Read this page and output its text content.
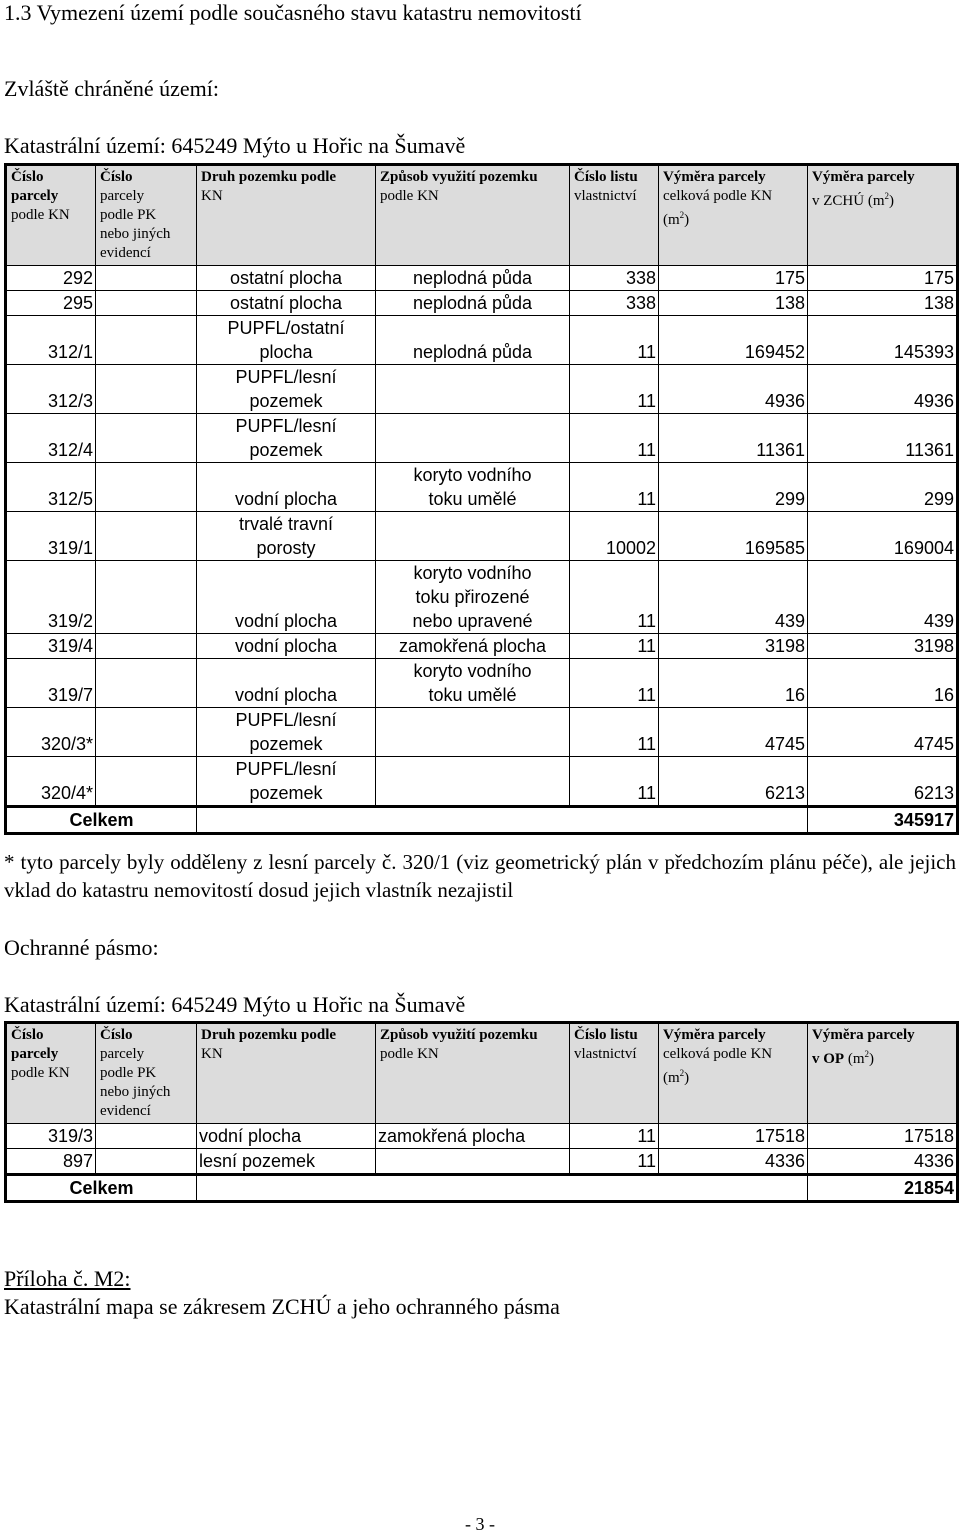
1.3 Vymezení území podle současného stavu katastru nemovitostí
Zvláště chráněné území:
Katastrální území: 645249 Mýto u Hořic na Šumavě
Číslo
parcely
podle KN	Číslo
parcely
podle PK
nebo jiných
evidencí	Druh pozemku podle
KN	Způsob využití pozemku
podle KN	Číslo listu
vlastnictví	Výměra parcely
celková podle KN
$(m^2)$	Výměra parcely
v ZCHÚ $(m^2)$
292		ostatní plocha	neplodná půda	338	175	175
295		ostatní plocha	neplodná půda	338	138	138
312/1		PUPFL/ostatní
plocha	neplodná půda	11	169452	145393
312/3		PUPFL/lesní
pozemek		11	4936	4936
312/4		PUPFL/lesní
pozemek		11	11361	11361
312/5		vodní plocha	koryto vodního
toku umělé	11	299	299
319/1		trvalé travní
porosty		10002	169585	169004
319/2		vodní plocha	koryto vodního
toku přirozené
nebo upravené	11	439	439
319/4		vodní plocha	zamokřená plocha	11	3198	3198
319/7		vodní plocha	koryto vodního
toku umělé	11	16	16
320/3*		PUPFL/lesní
pozemek		11	4745	4745
320/4*		PUPFL/lesní
pozemek		11	6213	6213
Celkem						345917
* tyto parcely byly odděleny z lesní parcely č. 320/1 (viz geometrický plán v předchozím plánu péče), ale jejich vklad do katastru nemovitostí dosud jejich vlastník nezajistil
Ochranné pásmo:
Katastrální území: 645249 Mýto u Hořic na Šumavě
Číslo
parcely
podle KN	Číslo
parcely
podle PK
nebo jiných
evidencí	Druh pozemku podle
KN	Způsob využití pozemku
podle KN	Číslo listu
vlastnictví	Výměra parcely
celková podle KN
$(m^2)$	Výměra parcely
v OP $(m^2)$
319/3		vodní plocha	zamokřená plocha	11	17518	17518
897		lesní pozemek		11	4336	4336
Celkem						21854
Příloha č. M2:
Katastrální mapa se zákresem ZCHÚ a jeho ochranného pásma
- 3 -
